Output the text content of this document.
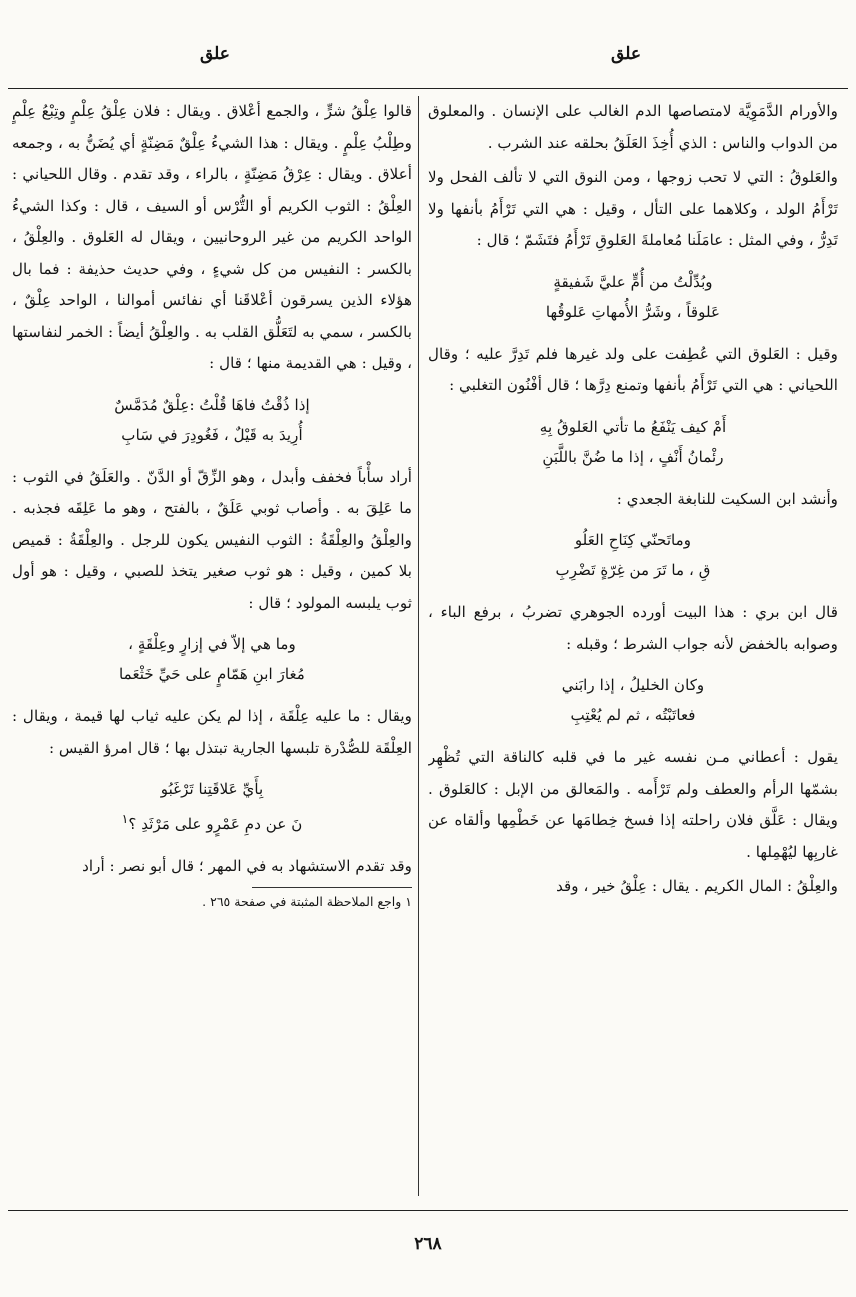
علق
علق

والأورام الدَّمَوِيَّة لامتصاصها الدم الغالب على الإنسان . والمعلوق من الدواب والناس : الذي أُخِذَ العَلَقُ بحلقه عند الشرب .

والعَلوقُ : التي لا تحب زوجها ، ومن النوق التي لا تألف الفحل ولا تَرْأَمُ الولد ، وكلاهما على التأل ، وقيل : هي التي تَرْأَمُ بأنفها ولا تَدِرُّ ، وفي المثل : عامَلَنا مُعاملةَ العَلوقِ تَرْأَمُ فتَشَمّ ؛ قال :

وبُدِّلْتُ من أُمٍّ عليَّ شَفيقةٍ
عَلوقاً ، وشَرُّ الأُمهاتِ عَلوقُها

وقيل : العَلوق التي عُطِفت على ولد غيرها فلم تَدِرَّ عليه ؛ وقال اللحياني : هي التي تَرْأَمُ بأنفها وتمنع دِرَّها ؛ قال أفْنُون التغلبي :

أَمْ كيف يَنْفَعُ ما تأتي العَلوقُ بِهِ
رئْمانُ أَنْفٍ ، إذا ما ضُنَّ باللَّبَنِ

وأنشد ابن السكيت للنابغة الجعدي :

وماتَحنّي كِنَاحِ العَلُو
قِ ، ما تَرَ من غِرّةٍ تَضْرِبِ

قال ابن بري : هذا البيت أورده الجوهري تضربُ ، برفع الباء ، وصوابه بالخفض لأنه جواب الشرط ؛ وقبله :

وكان الخليلُ ، إذا رابَني
فعاتَبْتُه ، ثم لم يُعْتِبِ

يقول : أعطاني مـن نفسه غير ما في قلبه كالناقة التي تُظْهِر بشمّها الرأم والعطف ولم تَرْأَمه . والمَعالق من الإبل : كالعَلوق . ويقال : عَلَّق فلان راحلته إذا فسخ خِطامَها عن خَطْمِها وألقاه عن غاربِها ليُهْمِلها .

والعِلْقُ : المال الكريم . يقال : عِلْقُ خير ، وقد

قالوا عِلْقُ شرٍّ ، والجمع أعْلاق . ويقال : فلان عِلْقُ عِلْمٍ وتِبْعُ عِلْمٍ وطِلْبُ عِلْمٍ . ويقال : هذا الشيءُ عِلْقٌ مَضِنّةٍ أي يُضَنُّ به ، وجمعه أعلاق . ويقال : عِرْقُ مَضِنّةٍ ، بالراء ، وقد تقدم . وقال اللحياني : العِلْقُ : الثوب الكريم أو التُّرْس أو السيف ، قال : وكذا الشيءُ الواحد الكريم من غير الروحانيين ، ويقال له العَلوق . والعِلْقُ ، بالكسر : النفيس من كل شيءٍ ، وفي حديث حذيفة : فما بال هؤلاء الذين يسرقون أعْلاقَنا أي نفائس أموالنا ، الواحد عِلْقٌ ، بالكسر ، سمي به لتَعَلُّق القلب به . والعِلْقُ أيضاً : الخمر لنفاستها ، وقيل : هي القديمة منها ؛ قال :

إذا ذُقْتُ فاهَا قُلْتُ :عِلْقٌ مُدَمَّسٌ
أُرِيدَ به قَيْلٌ ، فَغُودِرَ في سَابِ

أراد سأْباً فخفف وأبدل ، وهو الزِّقّ أو الدَّنّ . والعَلَقُ في الثوب : ما عَلِقَ به . وأصاب ثوبي عَلَقٌ ، بالفتح ، وهو ما عَلِقَه فجذبه . والعِلْقُ والعِلْقَةُ : الثوب النفيس يكون للرجل . والعِلْقَةُ : قميص بلا كمين ، وقيل : هو ثوب صغير يتخذ للصبي ، وقيل : هو أول ثوب يلبسه المولود ؛ قال :

وما هي إلاّ في إزارٍ وعِلْقَةٍ ،
مُغارَ ابنِ هَمّامٍ على حَيِّ خَثْعَما

ويقال : ما عليه عِلْقَة ، إذا لم يكن عليه ثياب لها قيمة ، ويقال : العِلْقَة للصُّدْرة تلبسها الجارية تبتذل بها ؛ قال امرؤ القيس :

بِأَيِّ عَلاقَتِنا تَرْغَبُو
نَ عن دمِ عَمْرٍو على مَرْثَدِ ؟$^١$

وقد تقدم الاستشهاد به في المهر ؛ قال أبو نصر : أراد

١ واجع الملاحظة المثبتة في صفحة ٢٦٥ .
٢٦٨
